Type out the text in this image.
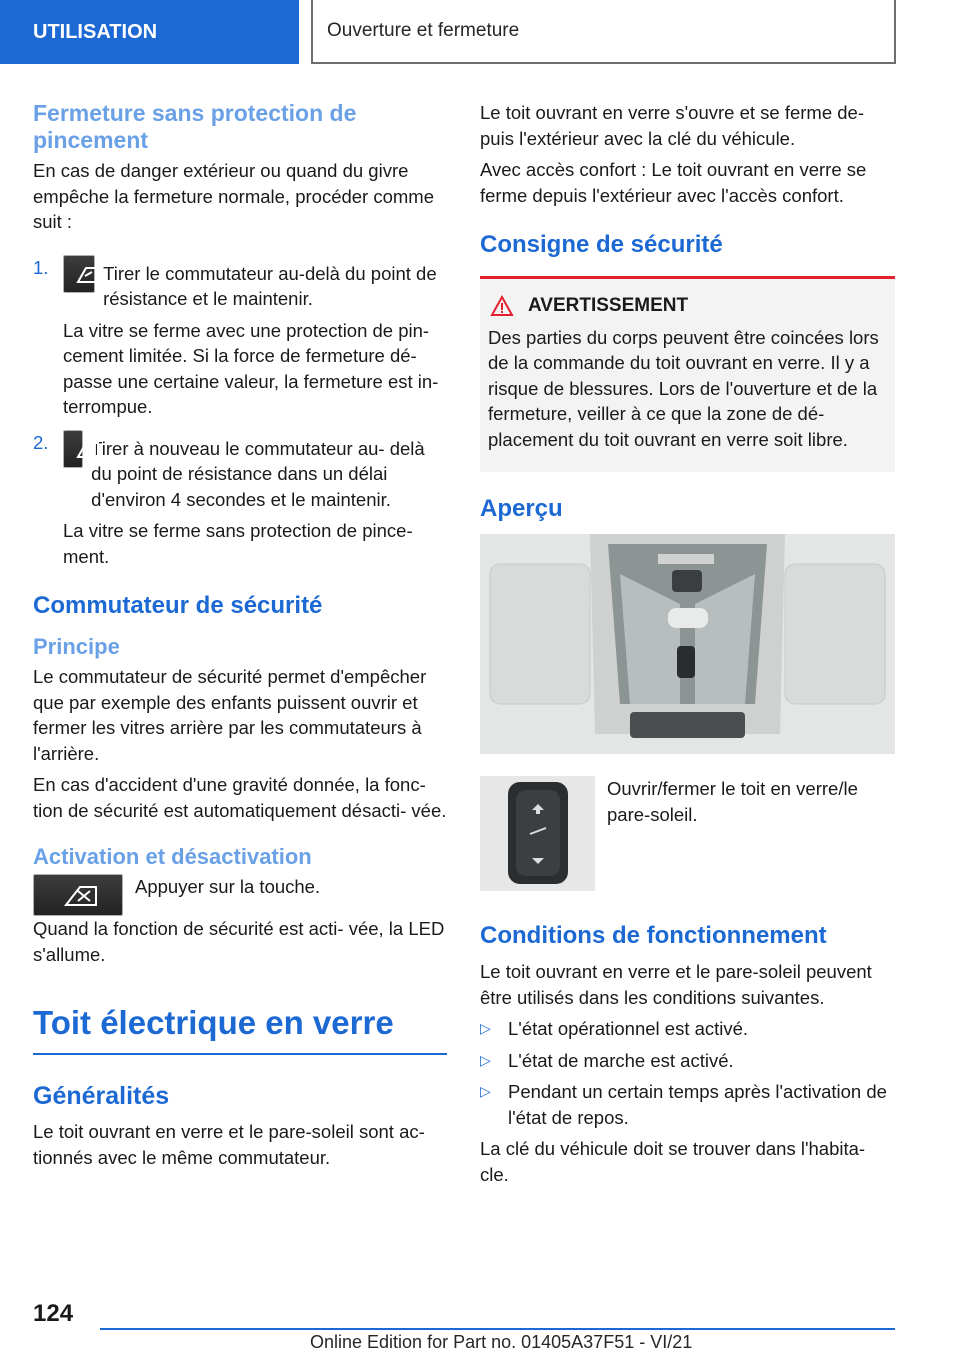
UTILISATION	Ouverture et fermeture
Fermeture sans protection de pincement

En cas de danger extérieur ou quand du givre empêche la fermeture normale, procéder comme suit :

1.	Tirer le commutateur au-delà du point de résistance et le maintenir.

La vitre se ferme avec une protection de pin- cement limitée. Si la force de fermeture dé- passe une certaine valeur, la fermeture est in- terrompue.

2. Tirer à nouveau le commutateur au- delà du point de résistance dans un délai d'environ 4 secondes et le maintenir.

La vitre se ferme sans protection de pince- ment.

Commutateur de sécurité
Principe

Le commutateur de sécurité permet d'empêcher que par exemple des enfants puissent ouvrir et fermer les vitres arrière par les commutateurs à l'arrière.

En cas d'accident d'une gravité donnée, la fonc- tion de sécurité est automatiquement désacti- vée.

Activation et désactivation

Appuyer sur la touche.

Quand la fonction de sécurité est acti- vée, la LED s'allume.

Toit électrique en verre
Généralités

Le toit ouvrant en verre et le pare-soleil sont ac- tionnés avec le même commutateur.

Le toit ouvrant en verre s'ouvre et se ferme de- puis l'extérieur avec la clé du véhicule.

Avec accès confort : Le toit ouvrant en verre se ferme depuis l'extérieur avec l'accès confort.

Consigne de sécurité
AVERTISSEMENT

Des parties du corps peuvent être coincées lors de la commande du toit ouvrant en verre. Il y a risque de blessures. Lors de l'ouverture et de la fermeture, veiller à ce que la zone de dé- placement du toit ouvrant en verre soit libre.

Aperçu

Ouvrir/fermer le toit en verre/le pare-soleil.

Conditions de fonctionnement

Le toit ouvrant en verre et le pare-soleil peuvent être utilisés dans les conditions suivantes.

▷ L'état opérationnel est activé.
▷ L'état de marche est activé.
▷ Pendant un certain temps après l'activation de l'état de repos.

La clé du véhicule doit se trouver dans l'habita- cle.

124
Online Edition for Part no. 01405A37F51 - VI/21
